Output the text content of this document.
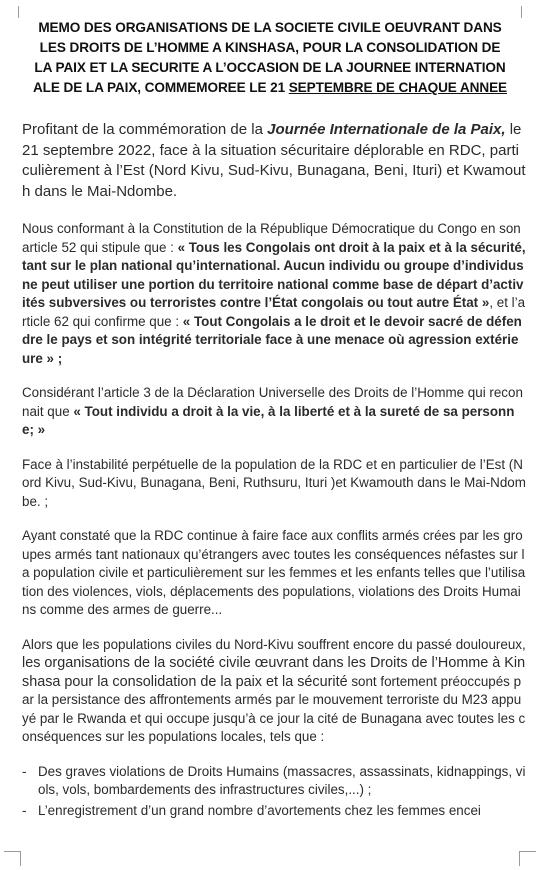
MEMO DES ORGANISATIONS DE LA SOCIETE CIVILE OEUVRANT DANS
LES DROITS DE L’HOMME A KINSHASA, POUR LA CONSOLIDATION DE
LA PAIX ET LA SECURITE A L’OCCASION DE LA JOURNEE INTERNATION
ALE DE LA PAIX, COMMEMOREE LE 21 SEPTEMBRE DE CHAQUE ANNEE

Profitant de la commémoration de la Journée Internationale de la Paix, le 21 septembre 2022, face à la situation sécuritaire déplorable en RDC, particulièrement à l’Est (Nord Kivu, Sud-Kivu, Bunagana, Beni, Ituri) et Kwamouth dans le Mai-Ndombe.

Nous conformant à la Constitution de la République Démocratique du Congo en son article 52 qui stipule que : « Tous les Congolais ont droit à la paix et à la sécurité, tant sur le plan national qu’international. Aucun individu ou groupe d’individus ne peut utiliser une portion du territoire national comme base de départ d’activités subversives ou terroristes contre l’État congolais ou tout autre État », et l’article 62 qui confirme que : « Tout Congolais a le droit et le devoir sacré de défendre le pays et son intégrité territoriale face à une menace où agression extérieure » ;

Considérant l’article 3 de la Déclaration Universelle des Droits de l’Homme qui reconnait que « Tout individu a droit à la vie, à la liberté et à la sureté de sa personne; »

Face à l’instabilité perpétuelle de la population de la RDC et en particulier de l’Est (Nord Kivu, Sud-Kivu, Bunagana, Beni, Ruthsuru, Ituri )et Kwamouth dans le Mai-Ndombe. ;

Ayant constaté que la RDC continue à faire face aux conflits armés crées par les groupes armés tant nationaux qu’étrangers avec toutes les conséquences néfastes sur la population civile et particulièrement sur les femmes et les enfants telles que l’utilisation des violences, viols, déplacements des populations, violations des Droits Humains comme des armes de guerre...

Alors que les populations civiles du Nord-Kivu souffrent encore du passé douloureux, les organisations de la société civile œuvrant dans les Droits de l’Homme à Kinshasa pour la consolidation de la paix et la sécurité sont fortement préoccupés par la persistance des affrontements armés par le mouvement terroriste du M23 appuyé par le Rwanda et qui occupe jusqu’à ce jour la cité de Bunagana avec toutes les conséquences sur les populations locales, tels que :

- Des graves violations de Droits Humains (massacres, assassinats, kidnappings, viols, vols, bombardements des infrastructures civiles,...) ;
- L’enregistrement d’un grand nombre d’avortements chez les femmes encei
